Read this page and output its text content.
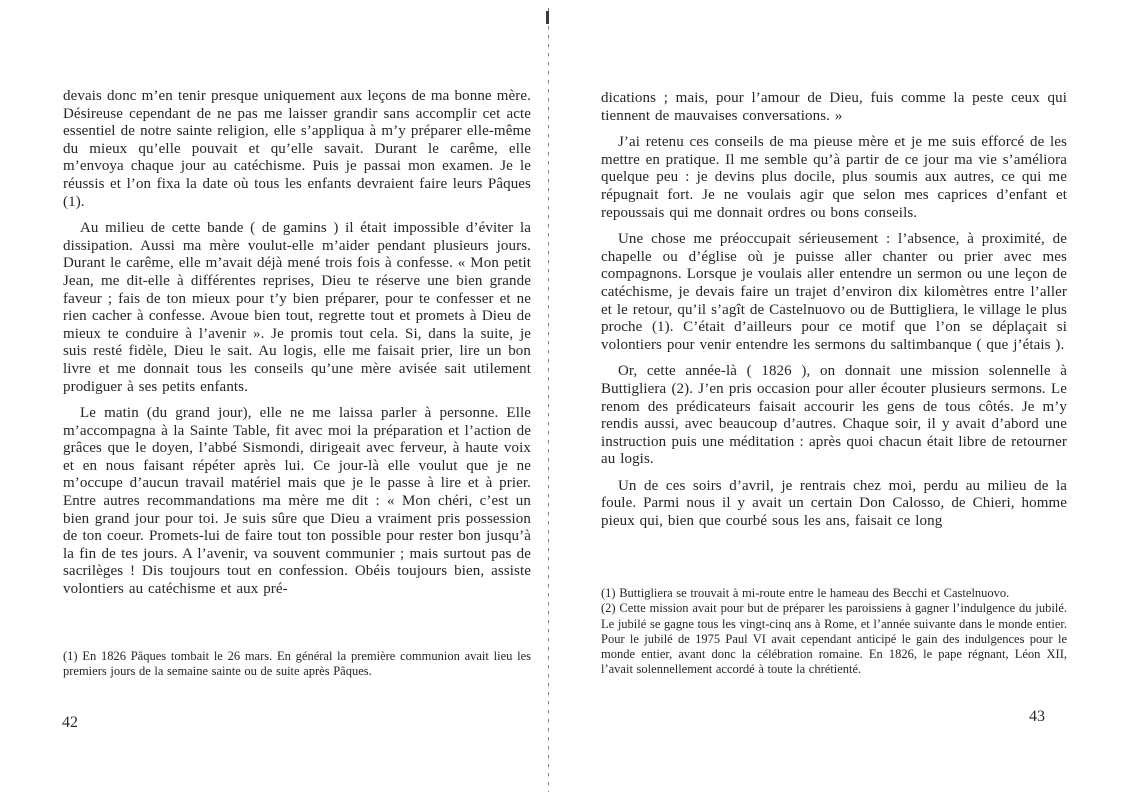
devais donc m’en tenir presque uniquement aux leçons de ma bonne mère. Désireuse cependant de ne pas me laisser grandir sans accomplir cet acte essentiel de notre sainte religion, elle s’appliqua à m’y préparer elle-même du mieux qu’elle pouvait et qu’elle savait. Durant le carême, elle m’envoya chaque jour au catéchisme. Puis je passai mon examen. Je le réussis et l’on fixa la date où tous les enfants devraient faire leurs Pâques (1).

Au milieu de cette bande ( de gamins ) il était impossible d’éviter la dissipation. Aussi ma mère voulut-elle m’aider pendant plusieurs jours. Durant le carême, elle m’avait déjà mené trois fois à confesse. « Mon petit Jean, me dit-elle à différentes reprises, Dieu te réserve une bien grande faveur ; fais de ton mieux pour t’y bien préparer, pour te confesser et ne rien cacher à confesse. Avoue bien tout, regrette tout et promets à Dieu de mieux te conduire à l’avenir ». Je promis tout cela. Si, dans la suite, je suis resté fidèle, Dieu le sait. Au logis, elle me faisait prier, lire un bon livre et me donnait tous les conseils qu’une mère avisée sait utilement prodiguer à ses petits enfants.

Le matin (du grand jour), elle ne me laissa parler à personne. Elle m’accompagna à la Sainte Table, fit avec moi la préparation et l’action de grâces que le doyen, l’abbé Sismondi, dirigeait avec ferveur, à haute voix et en nous faisant répéter après lui. Ce jour-là elle voulut que je ne m’occupe d’aucun travail matériel mais que je le passe à lire et à prier. Entre autres recommandations ma mère me dit : « Mon chéri, c’est un bien grand jour pour toi. Je suis sûre que Dieu a vraiment pris possession de ton coeur. Promets-lui de faire tout ton possible pour rester bon jusqu’à la fin de tes jours. A l’avenir, va souvent communier ; mais surtout pas de sacrilèges ! Dis toujours tout en confession. Obéis toujours bien, assiste volontiers au catéchisme et aux pré-

(1) En 1826 Pâques tombait le 26 mars. En général la première communion avait lieu les premiers jours de la semaine sainte ou de suite après Pâques.

42

dications ; mais, pour l’amour de Dieu, fuis comme la peste ceux qui tiennent de mauvaises conversations. »

J’ai retenu ces conseils de ma pieuse mère et je me suis efforcé de les mettre en pratique. Il me semble qu’à partir de ce jour ma vie s’améliora quelque peu : je devins plus docile, plus soumis aux autres, ce qui me répugnait fort. Je ne voulais agir que selon mes caprices d’enfant et repoussais qui me donnait ordres ou bons conseils.

Une chose me préoccupait sérieusement : l’absence, à proximité, de chapelle ou d’église où je puisse aller chanter ou prier avec mes compagnons. Lorsque je voulais aller entendre un sermon ou une leçon de catéchisme, je devais faire un trajet d’environ dix kilomètres entre l’aller et le retour, qu’il s’agît de Castelnuovo ou de Buttigliera, le village le plus proche (1). C’était d’ailleurs pour ce motif que l’on se déplaçait si volontiers pour venir entendre les sermons du saltimbanque ( que j’étais ).

Or, cette année-là ( 1826 ), on donnait une mission solennelle à Buttigliera (2). J’en pris occasion pour aller écouter plusieurs sermons. Le renom des prédicateurs faisait accourir les gens de tous côtés. Je m’y rendis aussi, avec beaucoup d’autres. Chaque soir, il y avait d’abord une instruction puis une méditation : après quoi chacun était libre de retourner au logis.

Un de ces soirs d’avril, je rentrais chez moi, perdu au milieu de la foule. Parmi nous il y avait un certain Don Calosso, de Chieri, homme pieux qui, bien que courbé sous les ans, faisait ce long

(1) Buttigliera se trouvait à mi-route entre le hameau des Becchi et Castelnuovo.

(2) Cette mission avait pour but de préparer les paroissiens à gagner l’indulgence du jubilé. Le jubilé se gagne tous les vingt-cinq ans à Rome, et l’année suivante dans le monde entier. Pour le jubilé de 1975 Paul VI avait cependant anticipé le gain des indulgences pour le monde entier, avant donc la célébration romaine. En 1826, le pape régnant, Léon XII, l’avait solennellement accordé à toute la chrétienté.

43
